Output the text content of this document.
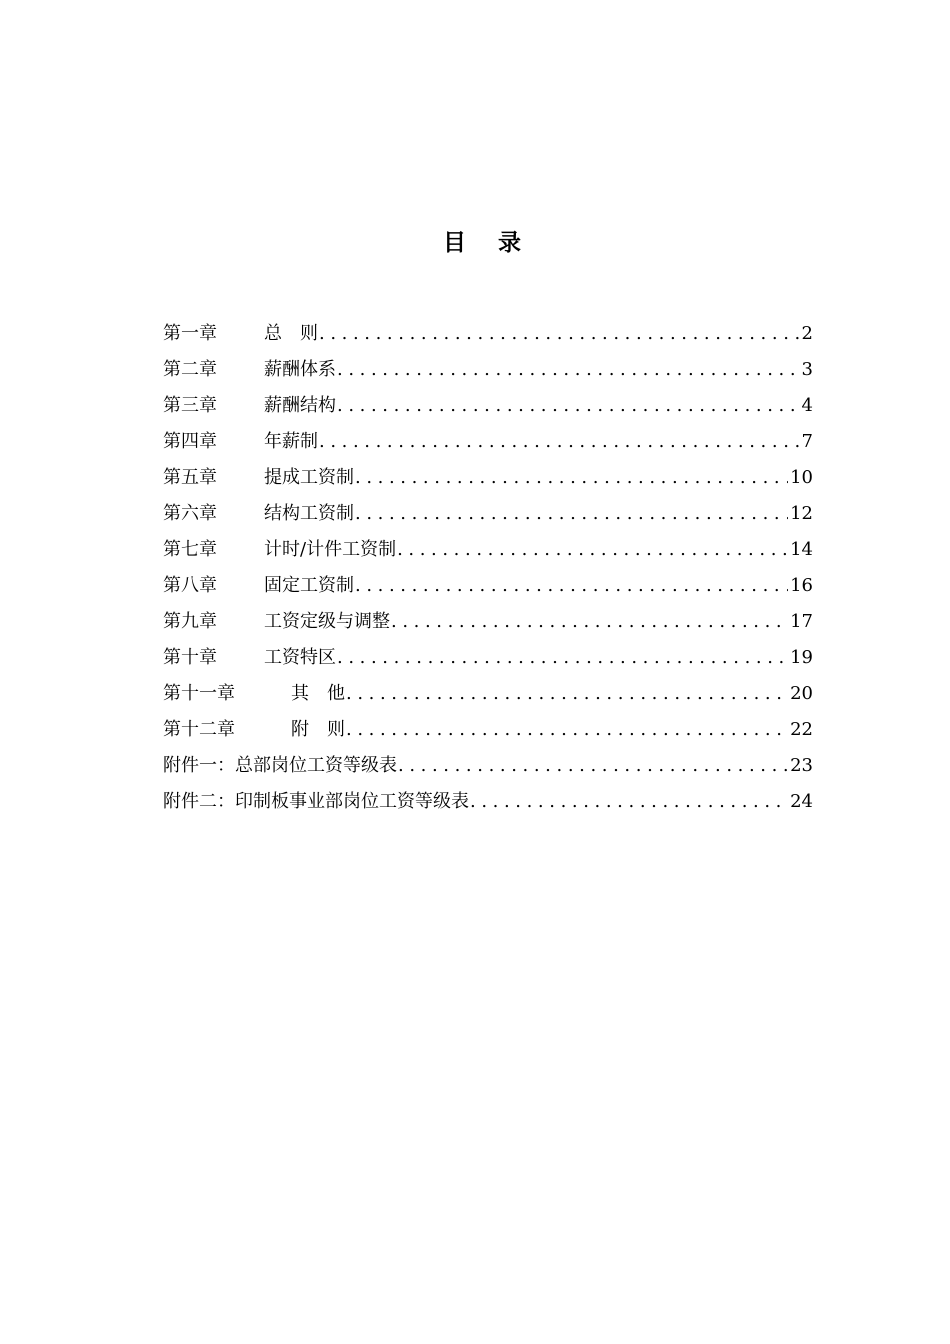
目 录
第一章	总　则 .....	2
第二章	薪酬体系 .....	3
第三章	薪酬结构 .....	4
第四章	年薪制 .....	7
第五章	提成工资制 .....	10
第六章	结构工资制 .....	12
第七章	计时/计件工资制 .....	14
第八章	固定工资制 .....	16
第九章	工资定级与调整 .....	17
第十章	工资特区 .....	19
第十一章	其　他 .....	20
第十二章	附　则 .....	22
附件一： 总部岗位工资等级表 .....	23
附件二： 印制板事业部岗位工资等级表 .....	24
